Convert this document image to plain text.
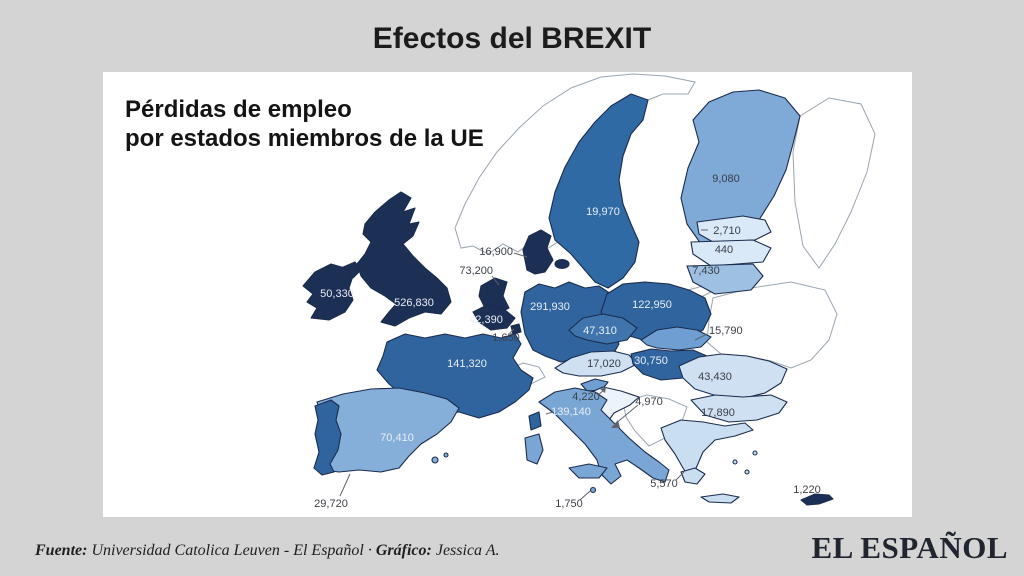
Efectos del BREXIT
Pérdidas de empleo
por estados miembros de la UE
50,330
526,830
16,900
73,200
42,390
1,650
291,930
19,970
9,080
2,710
440
7,430
122,950
47,310	15,790
17,020 30,750
4,220	4,970
141,320
139,140
70,410
29,720
43,430
17,890
5,570
1,750
1,220
Fuente: Universidad Catolica Leuven - El Español · Gráfico: Jessica A.	EL ESPAÑOL
